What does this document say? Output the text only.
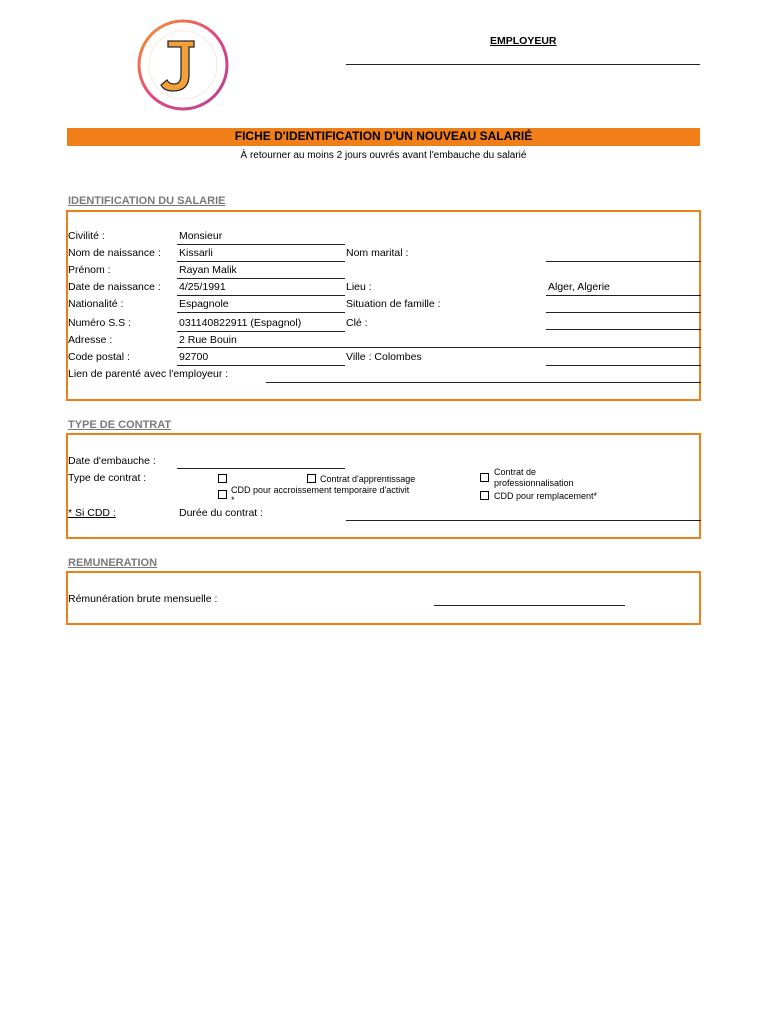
EMPLOYEUR
FICHE D'IDENTIFICATION D'UN NOUVEAU SALARIÉ
À retourner au moins 2 jours ouvrés avant l'embauche du salarié
IDENTIFICATION DU SALARIE
Civilité :	Monsieur
Nom de naissance : Kissarli	Nom marital :
Prénom :	Rayan Malik
Date de naissance : 4/25/1991	Lieu :	Alger, Algerie
Nationalité :	Espagnole	Situation de famille :
Numéro S.S :	031140822911 (Espagnol)	Clé :
Adresse :	2 Rue Bouin
Code postal :	92700	Ville : Colombes
Lien de parenté avec l'employeur :
TYPE DE CONTRAT
Date d'embauche :
Type de contrat :	Contrat d'apprentissage
Contrat de
professionnalisation
CDD pour accroissement temporaire d'activit
*	CDD pour remplacement*
* Si CDD :	Durée du contrat :
REMUNERATION
Rémunération brute mensuelle :
